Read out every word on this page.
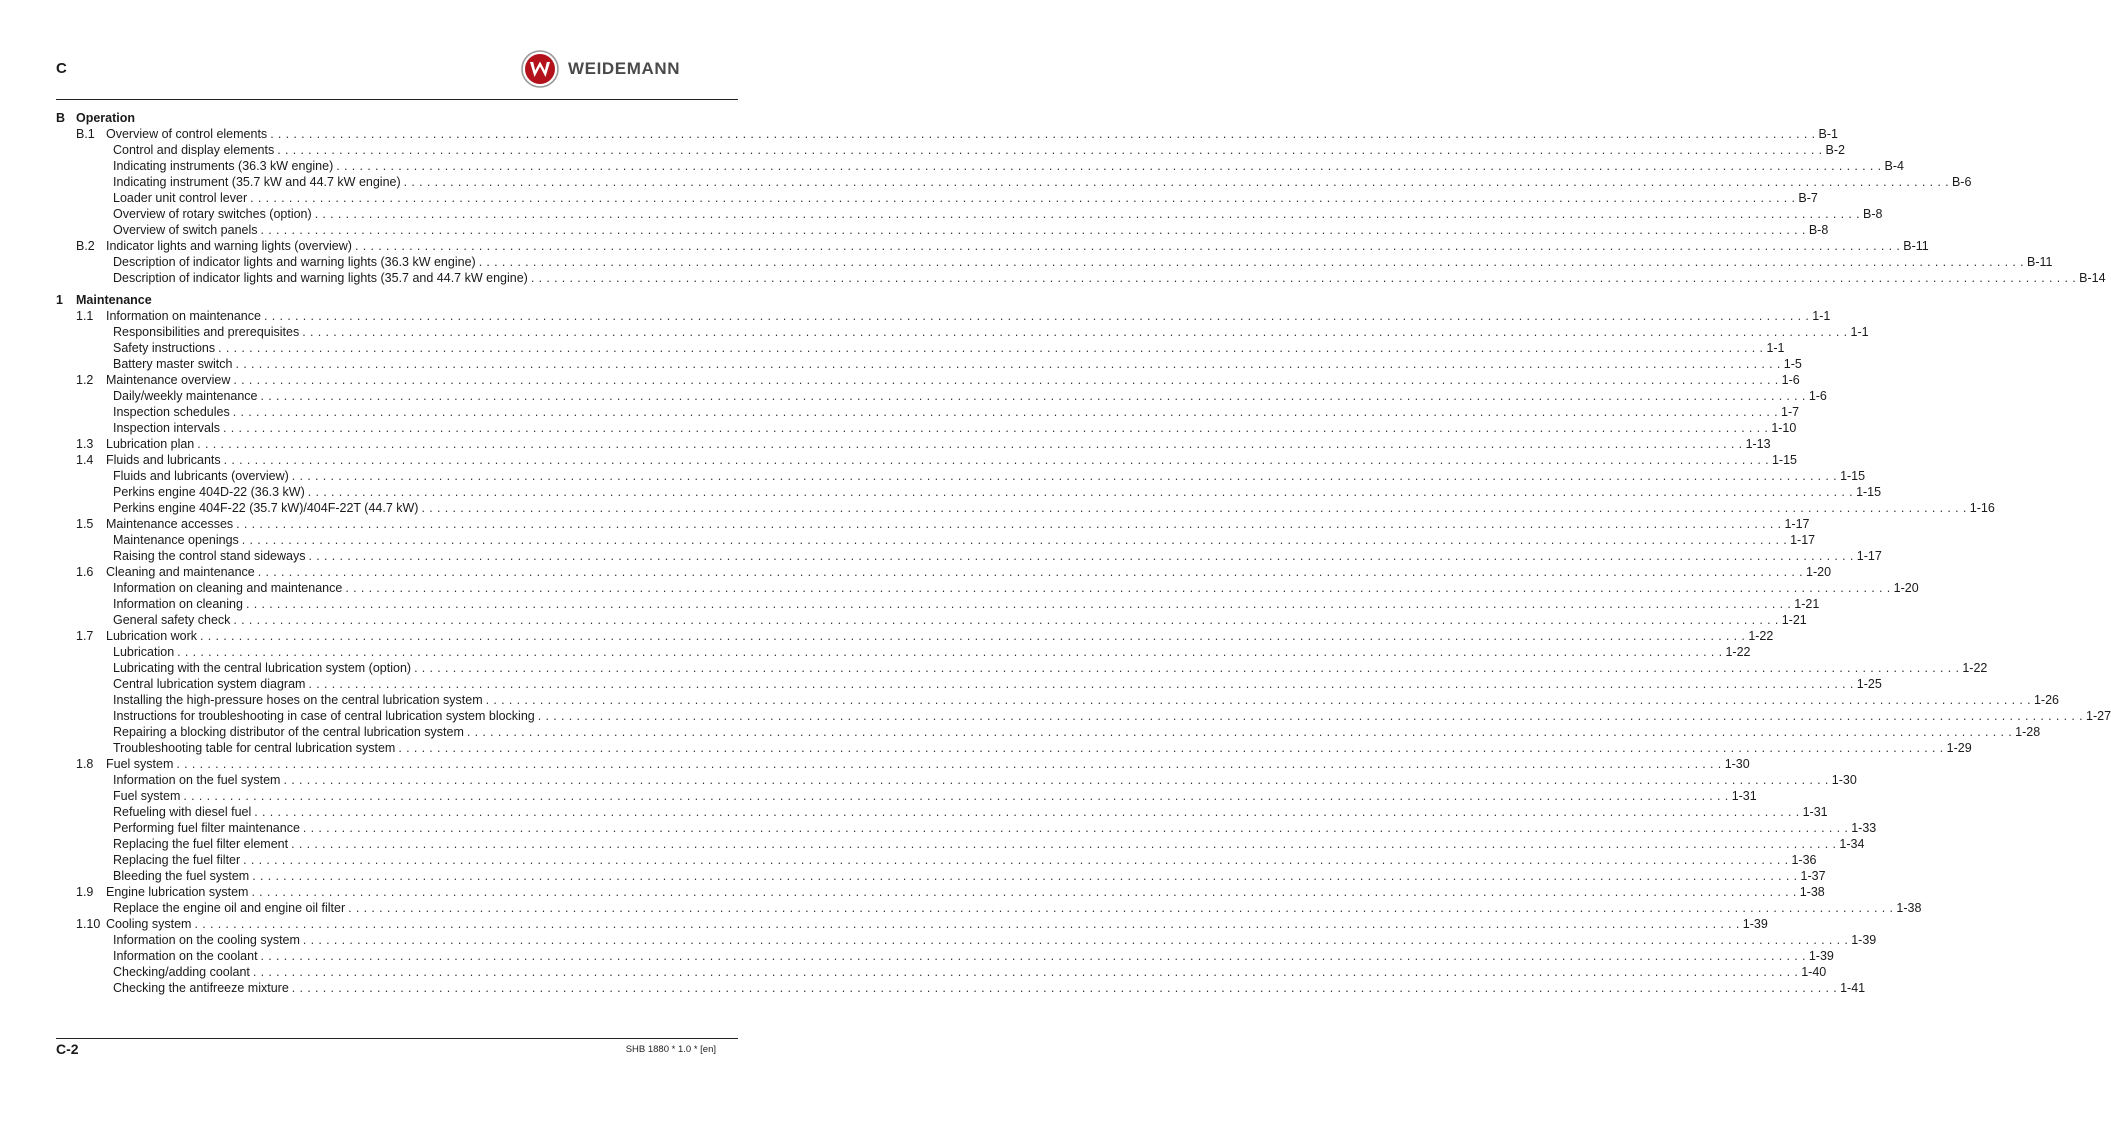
C	WEIDEMANN
B Operation
B.1 Overview of control elements . . . . . . . . . . . . . . . . . . . . . . . . . . . . . . . . . . . . . . . . . . . . . . . . . . . . . . . . . . . . . . . . . . . . . . . . . . . . . . . . . . . . . . . . . . . . . . . . . . . . . . . . . . . . . . . . . . . . . . . . . . . . . . . . . . . . . . . . . . . . . . . . . . . . . . . . . . . . . . . . . . . . . . . . . . . . . . . . . . . . . . . . . . . . . . . . . . . . . . . . B-1
Control and display elements . . . . . . . . . . . . . . . . . . . . . . . . . . . . . . . . . . . . . . . . . . . . . . . . . . . . . . . . . . . . . . . . . . . . . . . . . . . . . . . . . . . . . . . . . . . . . . . . . . . . . . . . . . . . . . . . . . . . . . . . . . . . . . . . . . . . . . . . . . . . . . . . . . . . . . . . . . . . . . . . . . . . . . . . . . . . . . . . . . . . . . . . . . . . . . . . . . . . . . . . B-2
Indicating instruments (36.3 kW engine) . . . . . . . . . . . . . . . . . . . . . . . . . . . . . . . . . . . . . . . . . . . . . . . . . . . . . . . . . . . . . . . . . . . . . . . . . . . . . . . . . . . . . . . . . . . . . . . . . . . . . . . . . . . . . . . . . . . . . . . . . . . . . . . . . . . . . . . . . . . . . . . . . . . . . . . . . . . . . . . . . . . . . . . . . . . . . . . . . . . . . . . . . . . . . . . . . . . . . . . . B-4
Indicating instrument (35.7 kW and 44.7 kW engine) . . . . . . . . . . . . . . . . . . . . . . . . . . . . . . . . . . . . . . . . . . . . . . . . . . . . . . . . . . . . . . . . . . . . . . . . . . . . . . . . . . . . . . . . . . . . . . . . . . . . . . . . . . . . . . . . . . . . . . . . . . . . . . . . . . . . . . . . . . . . . . . . . . . . . . . . . . . . . . . . . . . . . . . . . . . . . . . . . . . . . . . . . . . . . . . . . . . . . . . . B-6
Loader unit control lever . . . . . . . . . . . . . . . . . . . . . . . . . . . . . . . . . . . . . . . . . . . . . . . . . . . . . . . . . . . . . . . . . . . . . . . . . . . . . . . . . . . . . . . . . . . . . . . . . . . . . . . . . . . . . . . . . . . . . . . . . . . . . . . . . . . . . . . . . . . . . . . . . . . . . . . . . . . . . . . . . . . . . . . . . . . . . . . . . . . . . . . . . . . . . . . . . . . . . . . . B-7
Overview of rotary switches (option) . . . . . . . . . . . . . . . . . . . . . . . . . . . . . . . . . . . . . . . . . . . . . . . . . . . . . . . . . . . . . . . . . . . . . . . . . . . . . . . . . . . . . . . . . . . . . . . . . . . . . . . . . . . . . . . . . . . . . . . . . . . . . . . . . . . . . . . . . . . . . . . . . . . . . . . . . . . . . . . . . . . . . . . . . . . . . . . . . . . . . . . . . . . . . . . . . . . . . . . . B-8
Overview of switch panels . . . . . . . . . . . . . . . . . . . . . . . . . . . . . . . . . . . . . . . . . . . . . . . . . . . . . . . . . . . . . . . . . . . . . . . . . . . . . . . . . . . . . . . . . . . . . . . . . . . . . . . . . . . . . . . . . . . . . . . . . . . . . . . . . . . . . . . . . . . . . . . . . . . . . . . . . . . . . . . . . . . . . . . . . . . . . . . . . . . . . . . . . . . . . . . . . . . . . . . . B-8
B.2 Indicator lights and warning lights (overview) . . . . . . . . . . . . . . . . . . . . . . . . . . . . . . . . . . . . . . . . . . . . . . . . . . . . . . . . . . . . . . . . . . . . . . . . . . . . . . . . . . . . . . . . . . . . . . . . . . . . . . . . . . . . . . . . . . . . . . . . . . . . . . . . . . . . . . . . . . . . . . . . . . . . . . . . . . . . . . . . . . . . . . . . . . . . . . . . . . . . . . . . . . . . . . . . . . . . . . . . B-11
Description of indicator lights and warning lights (36.3 kW engine) . . . . . . . . . . . . . . . . . . . . . . . . . . . . . . . . . . . . . . . . . . . . . . . . . . . . . . . . . . . . . . . . . . . . . . . . . . . . . . . . . . . . . . . . . . . . . . . . . . . . . . . . . . . . . . . . . . . . . . . . . . . . . . . . . . . . . . . . . . . . . . . . . . . . . . . . . . . . . . . . . . . . . . . . . . . . . . . . . . . . . . . . . . . . . . . . . . . . . . . . B-11
Description of indicator lights and warning lights (35.7 and 44.7 kW engine) . . . . . . . . . . . . . . . . . . . . . . . . . . . . . . . . . . . . . . . . . . . . . . . . . . . . . . . . . . . . . . . . . . . . . . . . . . . . . . . . . . . . . . . . . . . . . . . . . . . . . . . . . . . . . . . . . . . . . . . . . . . . . . . . . . . . . . . . . . . . . . . . . . . . . . . . . . . . . . . . . . . . . . . . . . . . . . . . . . . . . . . . . . . . . . . . . . . . . . . . B-14
1	Maintenance
1.1	Information on maintenance . . . . . . . . . . . . . . . . . . . . . . . . . . . . . . . . . . . . . . . . . . . . . . . . . . . . . . . . . . . . . . . . . . . . . . . . . . . . . . . . . . . . . . . . . . . . . . . . . . . . . . . . . . . . . . . . . . . . . . . . . . . . . . . . . . . . . . . . . . . . . . . . . . . . . . . . . . . . . . . . . . . . . . . . . . . . . . . . . . . . . . . . . . . . . . . . . . . . . . . . 1-1
Responsibilities and prerequisites . . . . . . . . . . . . . . . . . . . . . . . . . . . . . . . . . . . . . . . . . . . . . . . . . . . . . . . . . . . . . . . . . . . . . . . . . . . . . . . . . . . . . . . . . . . . . . . . . . . . . . . . . . . . . . . . . . . . . . . . . . . . . . . . . . . . . . . . . . . . . . . . . . . . . . . . . . . . . . . . . . . . . . . . . . . . . . . . . . . . . . . . . . . . . . . . . . . . . . . . 1-1
Safety instructions . . . . . . . . . . . . . . . . . . . . . . . . . . . . . . . . . . . . . . . . . . . . . . . . . . . . . . . . . . . . . . . . . . . . . . . . . . . . . . . . . . . . . . . . . . . . . . . . . . . . . . . . . . . . . . . . . . . . . . . . . . . . . . . . . . . . . . . . . . . . . . . . . . . . . . . . . . . . . . . . . . . . . . . . . . . . . . . . . . . . . . . . . . . . . . . . . . . . . . . . 1-1
Battery master switch . . . . . . . . . . . . . . . . . . . . . . . . . . . . . . . . . . . . . . . . . . . . . . . . . . . . . . . . . . . . . . . . . . . . . . . . . . . . . . . . . . . . . . . . . . . . . . . . . . . . . . . . . . . . . . . . . . . . . . . . . . . . . . . . . . . . . . . . . . . . . . . . . . . . . . . . . . . . . . . . . . . . . . . . . . . . . . . . . . . . . . . . . . . . . . . . . . . . . . . . 1-5
1.2	Maintenance overview . . . . . . . . . . . . . . . . . . . . . . . . . . . . . . . . . . . . . . . . . . . . . . . . . . . . . . . . . . . . . . . . . . . . . . . . . . . . . . . . . . . . . . . . . . . . . . . . . . . . . . . . . . . . . . . . . . . . . . . . . . . . . . . . . . . . . . . . . . . . . . . . . . . . . . . . . . . . . . . . . . . . . . . . . . . . . . . . . . . . . . . . . . . . . . . . . . . . . . . . 1-6
Daily/weekly maintenance . . . . . . . . . . . . . . . . . . . . . . . . . . . . . . . . . . . . . . . . . . . . . . . . . . . . . . . . . . . . . . . . . . . . . . . . . . . . . . . . . . . . . . . . . . . . . . . . . . . . . . . . . . . . . . . . . . . . . . . . . . . . . . . . . . . . . . . . . . . . . . . . . . . . . . . . . . . . . . . . . . . . . . . . . . . . . . . . . . . . . . . . . . . . . . . . . . . . . . . . 1-6
Inspection schedules . . . . . . . . . . . . . . . . . . . . . . . . . . . . . . . . . . . . . . . . . . . . . . . . . . . . . . . . . . . . . . . . . . . . . . . . . . . . . . . . . . . . . . . . . . . . . . . . . . . . . . . . . . . . . . . . . . . . . . . . . . . . . . . . . . . . . . . . . . . . . . . . . . . . . . . . . . . . . . . . . . . . . . . . . . . . . . . . . . . . . . . . . . . . . . . . . . . . . . . . 1-7
Inspection intervals . . . . . . . . . . . . . . . . . . . . . . . . . . . . . . . . . . . . . . . . . . . . . . . . . . . . . . . . . . . . . . . . . . . . . . . . . . . . . . . . . . . . . . . . . . . . . . . . . . . . . . . . . . . . . . . . . . . . . . . . . . . . . . . . . . . . . . . . . . . . . . . . . . . . . . . . . . . . . . . . . . . . . . . . . . . . . . . . . . . . . . . . . . . . . . . . . . . . . . . . 1-10
1.3	Lubrication plan . . . . . . . . . . . . . . . . . . . . . . . . . . . . . . . . . . . . . . . . . . . . . . . . . . . . . . . . . . . . . . . . . . . . . . . . . . . . . . . . . . . . . . . . . . . . . . . . . . . . . . . . . . . . . . . . . . . . . . . . . . . . . . . . . . . . . . . . . . . . . . . . . . . . . . . . . . . . . . . . . . . . . . . . . . . . . . . . . . . . . . . . . . . . . . . . . . . . . . . . 1-13
1.4	Fluids and lubricants . . . . . . . . . . . . . . . . . . . . . . . . . . . . . . . . . . . . . . . . . . . . . . . . . . . . . . . . . . . . . . . . . . . . . . . . . . . . . . . . . . . . . . . . . . . . . . . . . . . . . . . . . . . . . . . . . . . . . . . . . . . . . . . . . . . . . . . . . . . . . . . . . . . . . . . . . . . . . . . . . . . . . . . . . . . . . . . . . . . . . . . . . . . . . . . . . . . . . . . . 1-15
Fluids and lubricants (overview) . . . . . . . . . . . . . . . . . . . . . . . . . . . . . . . . . . . . . . . . . . . . . . . . . . . . . . . . . . . . . . . . . . . . . . . . . . . . . . . . . . . . . . . . . . . . . . . . . . . . . . . . . . . . . . . . . . . . . . . . . . . . . . . . . . . . . . . . . . . . . . . . . . . . . . . . . . . . . . . . . . . . . . . . . . . . . . . . . . . . . . . . . . . . . . . . . . . . . . . . 1-15
Perkins engine 404D-22 (36.3 kW) . . . . . . . . . . . . . . . . . . . . . . . . . . . . . . . . . . . . . . . . . . . . . . . . . . . . . . . . . . . . . . . . . . . . . . . . . . . . . . . . . . . . . . . . . . . . . . . . . . . . . . . . . . . . . . . . . . . . . . . . . . . . . . . . . . . . . . . . . . . . . . . . . . . . . . . . . . . . . . . . . . . . . . . . . . . . . . . . . . . . . . . . . . . . . . . . . . . . . . . . 1-15
Perkins engine 404F-22 (35.7 kW)/404F-22T (44.7 kW) . . . . . . . . . . . . . . . . . . . . . . . . . . . . . . . . . . . . . . . . . . . . . . . . . . . . . . . . . . . . . . . . . . . . . . . . . . . . . . . . . . . . . . . . . . . . . . . . . . . . . . . . . . . . . . . . . . . . . . . . . . . . . . . . . . . . . . . . . . . . . . . . . . . . . . . . . . . . . . . . . . . . . . . . . . . . . . . . . . . . . . . . . . . . . . . . . . . . . . . . 1-16
1.5	Maintenance accesses . . . . . . . . . . . . . . . . . . . . . . . . . . . . . . . . . . . . . . . . . . . . . . . . . . . . . . . . . . . . . . . . . . . . . . . . . . . . . . . . . . . . . . . . . . . . . . . . . . . . . . . . . . . . . . . . . . . . . . . . . . . . . . . . . . . . . . . . . . . . . . . . . . . . . . . . . . . . . . . . . . . . . . . . . . . . . . . . . . . . . . . . . . . . . . . . . . . . . . . . 1-17
Maintenance openings . . . . . . . . . . . . . . . . . . . . . . . . . . . . . . . . . . . . . . . . . . . . . . . . . . . . . . . . . . . . . . . . . . . . . . . . . . . . . . . . . . . . . . . . . . . . . . . . . . . . . . . . . . . . . . . . . . . . . . . . . . . . . . . . . . . . . . . . . . . . . . . . . . . . . . . . . . . . . . . . . . . . . . . . . . . . . . . . . . . . . . . . . . . . . . . . . . . . . . . . 1-17
Raising the control stand sideways . . . . . . . . . . . . . . . . . . . . . . . . . . . . . . . . . . . . . . . . . . . . . . . . . . . . . . . . . . . . . . . . . . . . . . . . . . . . . . . . . . . . . . . . . . . . . . . . . . . . . . . . . . . . . . . . . . . . . . . . . . . . . . . . . . . . . . . . . . . . . . . . . . . . . . . . . . . . . . . . . . . . . . . . . . . . . . . . . . . . . . . . . . . . . . . . . . . . . . . . 1-17
1.6	Cleaning and maintenance . . . . . . . . . . . . . . . . . . . . . . . . . . . . . . . . . . . . . . . . . . . . . . . . . . . . . . . . . . . . . . . . . . . . . . . . . . . . . . . . . . . . . . . . . . . . . . . . . . . . . . . . . . . . . . . . . . . . . . . . . . . . . . . . . . . . . . . . . . . . . . . . . . . . . . . . . . . . . . . . . . . . . . . . . . . . . . . . . . . . . . . . . . . . . . . . . . . . . . . . 1-20
Information on cleaning and maintenance . . . . . . . . . . . . . . . . . . . . . . . . . . . . . . . . . . . . . . . . . . . . . . . . . . . . . . . . . . . . . . . . . . . . . . . . . . . . . . . . . . . . . . . . . . . . . . . . . . . . . . . . . . . . . . . . . . . . . . . . . . . . . . . . . . . . . . . . . . . . . . . . . . . . . . . . . . . . . . . . . . . . . . . . . . . . . . . . . . . . . . . . . . . . . . . . . . . . . . . . 1-20
Information on cleaning . . . . . . . . . . . . . . . . . . . . . . . . . . . . . . . . . . . . . . . . . . . . . . . . . . . . . . . . . . . . . . . . . . . . . . . . . . . . . . . . . . . . . . . . . . . . . . . . . . . . . . . . . . . . . . . . . . . . . . . . . . . . . . . . . . . . . . . . . . . . . . . . . . . . . . . . . . . . . . . . . . . . . . . . . . . . . . . . . . . . . . . . . . . . . . . . . . . . . . . . 1-21
General safety check . . . . . . . . . . . . . . . . . . . . . . . . . . . . . . . . . . . . . . . . . . . . . . . . . . . . . . . . . . . . . . . . . . . . . . . . . . . . . . . . . . . . . . . . . . . . . . . . . . . . . . . . . . . . . . . . . . . . . . . . . . . . . . . . . . . . . . . . . . . . . . . . . . . . . . . . . . . . . . . . . . . . . . . . . . . . . . . . . . . . . . . . . . . . . . . . . . . . . . . . 1-21
1.7	Lubrication work . . . . . . . . . . . . . . . . . . . . . . . . . . . . . . . . . . . . . . . . . . . . . . . . . . . . . . . . . . . . . . . . . . . . . . . . . . . . . . . . . . . . . . . . . . . . . . . . . . . . . . . . . . . . . . . . . . . . . . . . . . . . . . . . . . . . . . . . . . . . . . . . . . . . . . . . . . . . . . . . . . . . . . . . . . . . . . . . . . . . . . . . . . . . . . . . . . . . . . . . 1-22
Lubrication . . . . . . . . . . . . . . . . . . . . . . . . . . . . . . . . . . . . . . . . . . . . . . . . . . . . . . . . . . . . . . . . . . . . . . . . . . . . . . . . . . . . . . . . . . . . . . . . . . . . . . . . . . . . . . . . . . . . . . . . . . . . . . . . . . . . . . . . . . . . . . . . . . . . . . . . . . . . . . . . . . . . . . . . . . . . . . . . . . . . . . . . . . . . . . . . . . . . . . . . 1-22
Lubricating with the central lubrication system (option) . . . . . . . . . . . . . . . . . . . . . . . . . . . . . . . . . . . . . . . . . . . . . . . . . . . . . . . . . . . . . . . . . . . . . . . . . . . . . . . . . . . . . . . . . . . . . . . . . . . . . . . . . . . . . . . . . . . . . . . . . . . . . . . . . . . . . . . . . . . . . . . . . . . . . . . . . . . . . . . . . . . . . . . . . . . . . . . . . . . . . . . . . . . . . . . . . . . . . . . . 1-22
Central lubrication system diagram . . . . . . . . . . . . . . . . . . . . . . . . . . . . . . . . . . . . . . . . . . . . . . . . . . . . . . . . . . . . . . . . . . . . . . . . . . . . . . . . . . . . . . . . . . . . . . . . . . . . . . . . . . . . . . . . . . . . . . . . . . . . . . . . . . . . . . . . . . . . . . . . . . . . . . . . . . . . . . . . . . . . . . . . . . . . . . . . . . . . . . . . . . . . . . . . . . . . . . . . 1-25
Installing the high-pressure hoses on the central lubrication system . . . . . . . . . . . . . . . . . . . . . . . . . . . . . . . . . . . . . . . . . . . . . . . . . . . . . . . . . . . . . . . . . . . . . . . . . . . . . . . . . . . . . . . . . . . . . . . . . . . . . . . . . . . . . . . . . . . . . . . . . . . . . . . . . . . . . . . . . . . . . . . . . . . . . . . . . . . . . . . . . . . . . . . . . . . . . . . . . . . . . . . . . . . . . . . . . . . . . . . . 1-26
Instructions for troubleshooting in case of central lubrication system blocking . . . . . . . . . . . . . . . . . . . . . . . . . . . . . . . . . . . . . . . . . . . . . . . . . . . . . . . . . . . . . . . . . . . . . . . . . . . . . . . . . . . . . . . . . . . . . . . . . . . . . . . . . . . . . . . . . . . . . . . . . . . . . . . . . . . . . . . . . . . . . . . . . . . . . . . . . . . . . . . . . . . . . . . . . . . . . . . . . . . . . . . . . . . . . . . . . . . . . . . . 1-27
Repairing a blocking distributor of the central lubrication system . . . . . . . . . . . . . . . . . . . . . . . . . . . . . . . . . . . . . . . . . . . . . . . . . . . . . . . . . . . . . . . . . . . . . . . . . . . . . . . . . . . . . . . . . . . . . . . . . . . . . . . . . . . . . . . . . . . . . . . . . . . . . . . . . . . . . . . . . . . . . . . . . . . . . . . . . . . . . . . . . . . . . . . . . . . . . . . . . . . . . . . . . . . . . . . . . . . . . . . . 1-28
Troubleshooting table for central lubrication system . . . . . . . . . . . . . . . . . . . . . . . . . . . . . . . . . . . . . . . . . . . . . . . . . . . . . . . . . . . . . . . . . . . . . . . . . . . . . . . . . . . . . . . . . . . . . . . . . . . . . . . . . . . . . . . . . . . . . . . . . . . . . . . . . . . . . . . . . . . . . . . . . . . . . . . . . . . . . . . . . . . . . . . . . . . . . . . . . . . . . . . . . . . . . . . . . . . . . . . . 1-29
1.8	Fuel system . . . . . . . . . . . . . . . . . . . . . . . . . . . . . . . . . . . . . . . . . . . . . . . . . . . . . . . . . . . . . . . . . . . . . . . . . . . . . . . . . . . . . . . . . . . . . . . . . . . . . . . . . . . . . . . . . . . . . . . . . . . . . . . . . . . . . . . . . . . . . . . . . . . . . . . . . . . . . . . . . . . . . . . . . . . . . . . . . . . . . . . . . . . . . . . . . . . . . . . . 1-30
Information on the fuel system . . . . . . . . . . . . . . . . . . . . . . . . . . . . . . . . . . . . . . . . . . . . . . . . . . . . . . . . . . . . . . . . . . . . . . . . . . . . . . . . . . . . . . . . . . . . . . . . . . . . . . . . . . . . . . . . . . . . . . . . . . . . . . . . . . . . . . . . . . . . . . . . . . . . . . . . . . . . . . . . . . . . . . . . . . . . . . . . . . . . . . . . . . . . . . . . . . . . . . . . 1-30
Fuel system . . . . . . . . . . . . . . . . . . . . . . . . . . . . . . . . . . . . . . . . . . . . . . . . . . . . . . . . . . . . . . . . . . . . . . . . . . . . . . . . . . . . . . . . . . . . . . . . . . . . . . . . . . . . . . . . . . . . . . . . . . . . . . . . . . . . . . . . . . . . . . . . . . . . . . . . . . . . . . . . . . . . . . . . . . . . . . . . . . . . . . . . . . . . . . . . . . . . . . . . 1-31
Refueling with diesel fuel . . . . . . . . . . . . . . . . . . . . . . . . . . . . . . . . . . . . . . . . . . . . . . . . . . . . . . . . . . . . . . . . . . . . . . . . . . . . . . . . . . . . . . . . . . . . . . . . . . . . . . . . . . . . . . . . . . . . . . . . . . . . . . . . . . . . . . . . . . . . . . . . . . . . . . . . . . . . . . . . . . . . . . . . . . . . . . . . . . . . . . . . . . . . . . . . . . . . . . . . 1-31
Performing fuel filter maintenance . . . . . . . . . . . . . . . . . . . . . . . . . . . . . . . . . . . . . . . . . . . . . . . . . . . . . . . . . . . . . . . . . . . . . . . . . . . . . . . . . . . . . . . . . . . . . . . . . . . . . . . . . . . . . . . . . . . . . . . . . . . . . . . . . . . . . . . . . . . . . . . . . . . . . . . . . . . . . . . . . . . . . . . . . . . . . . . . . . . . . . . . . . . . . . . . . . . . . . . . 1-33
Replacing the fuel filter element . . . . . . . . . . . . . . . . . . . . . . . . . . . . . . . . . . . . . . . . . . . . . . . . . . . . . . . . . . . . . . . . . . . . . . . . . . . . . . . . . . . . . . . . . . . . . . . . . . . . . . . . . . . . . . . . . . . . . . . . . . . . . . . . . . . . . . . . . . . . . . . . . . . . . . . . . . . . . . . . . . . . . . . . . . . . . . . . . . . . . . . . . . . . . . . . . . . . . . . . 1-34
Replacing the fuel filter . . . . . . . . . . . . . . . . . . . . . . . . . . . . . . . . . . . . . . . . . . . . . . . . . . . . . . . . . . . . . . . . . . . . . . . . . . . . . . . . . . . . . . . . . . . . . . . . . . . . . . . . . . . . . . . . . . . . . . . . . . . . . . . . . . . . . . . . . . . . . . . . . . . . . . . . . . . . . . . . . . . . . . . . . . . . . . . . . . . . . . . . . . . . . . . . . . . . . . . . 1-36
Bleeding the fuel system . . . . . . . . . . . . . . . . . . . . . . . . . . . . . . . . . . . . . . . . . . . . . . . . . . . . . . . . . . . . . . . . . . . . . . . . . . . . . . . . . . . . . . . . . . . . . . . . . . . . . . . . . . . . . . . . . . . . . . . . . . . . . . . . . . . . . . . . . . . . . . . . . . . . . . . . . . . . . . . . . . . . . . . . . . . . . . . . . . . . . . . . . . . . . . . . . . . . . . . . 1-37
1.9	Engine lubrication system . . . . . . . . . . . . . . . . . . . . . . . . . . . . . . . . . . . . . . . . . . . . . . . . . . . . . . . . . . . . . . . . . . . . . . . . . . . . . . . . . . . . . . . . . . . . . . . . . . . . . . . . . . . . . . . . . . . . . . . . . . . . . . . . . . . . . . . . . . . . . . . . . . . . . . . . . . . . . . . . . . . . . . . . . . . . . . . . . . . . . . . . . . . . . . . . . . . . . . . . 1-38
Replace the engine oil and engine oil filter . . . . . . . . . . . . . . . . . . . . . . . . . . . . . . . . . . . . . . . . . . . . . . . . . . . . . . . . . . . . . . . . . . . . . . . . . . . . . . . . . . . . . . . . . . . . . . . . . . . . . . . . . . . . . . . . . . . . . . . . . . . . . . . . . . . . . . . . . . . . . . . . . . . . . . . . . . . . . . . . . . . . . . . . . . . . . . . . . . . . . . . . . . . . . . . . . . . . . . . . 1-38
1.10 Cooling system . . . . . . . . . . . . . . . . . . . . . . . . . . . . . . . . . . . . . . . . . . . . . . . . . . . . . . . . . . . . . . . . . . . . . . . . . . . . . . . . . . . . . . . . . . . . . . . . . . . . . . . . . . . . . . . . . . . . . . . . . . . . . . . . . . . . . . . . . . . . . . . . . . . . . . . . . . . . . . . . . . . . . . . . . . . . . . . . . . . . . . . . . . . . . . . . . . . . . . . . 1-39
Information on the cooling system . . . . . . . . . . . . . . . . . . . . . . . . . . . . . . . . . . . . . . . . . . . . . . . . . . . . . . . . . . . . . . . . . . . . . . . . . . . . . . . . . . . . . . . . . . . . . . . . . . . . . . . . . . . . . . . . . . . . . . . . . . . . . . . . . . . . . . . . . . . . . . . . . . . . . . . . . . . . . . . . . . . . . . . . . . . . . . . . . . . . . . . . . . . . . . . . . . . . . . . . 1-39
Information on the coolant . . . . . . . . . . . . . . . . . . . . . . . . . . . . . . . . . . . . . . . . . . . . . . . . . . . . . . . . . . . . . . . . . . . . . . . . . . . . . . . . . . . . . . . . . . . . . . . . . . . . . . . . . . . . . . . . . . . . . . . . . . . . . . . . . . . . . . . . . . . . . . . . . . . . . . . . . . . . . . . . . . . . . . . . . . . . . . . . . . . . . . . . . . . . . . . . . . . . . . . . 1-39
Checking/adding coolant . . . . . . . . . . . . . . . . . . . . . . . . . . . . . . . . . . . . . . . . . . . . . . . . . . . . . . . . . . . . . . . . . . . . . . . . . . . . . . . . . . . . . . . . . . . . . . . . . . . . . . . . . . . . . . . . . . . . . . . . . . . . . . . . . . . . . . . . . . . . . . . . . . . . . . . . . . . . . . . . . . . . . . . . . . . . . . . . . . . . . . . . . . . . . . . . . . . . . . . . 1-40
Checking the antifreeze mixture . . . . . . . . . . . . . . . . . . . . . . . . . . . . . . . . . . . . . . . . . . . . . . . . . . . . . . . . . . . . . . . . . . . . . . . . . . . . . . . . . . . . . . . . . . . . . . . . . . . . . . . . . . . . . . . . . . . . . . . . . . . . . . . . . . . . . . . . . . . . . . . . . . . . . . . . . . . . . . . . . . . . . . . . . . . . . . . . . . . . . . . . . . . . . . . . . . . . . . . . 1-41
C-2	SHB 1880 * 1.0 * [en]
